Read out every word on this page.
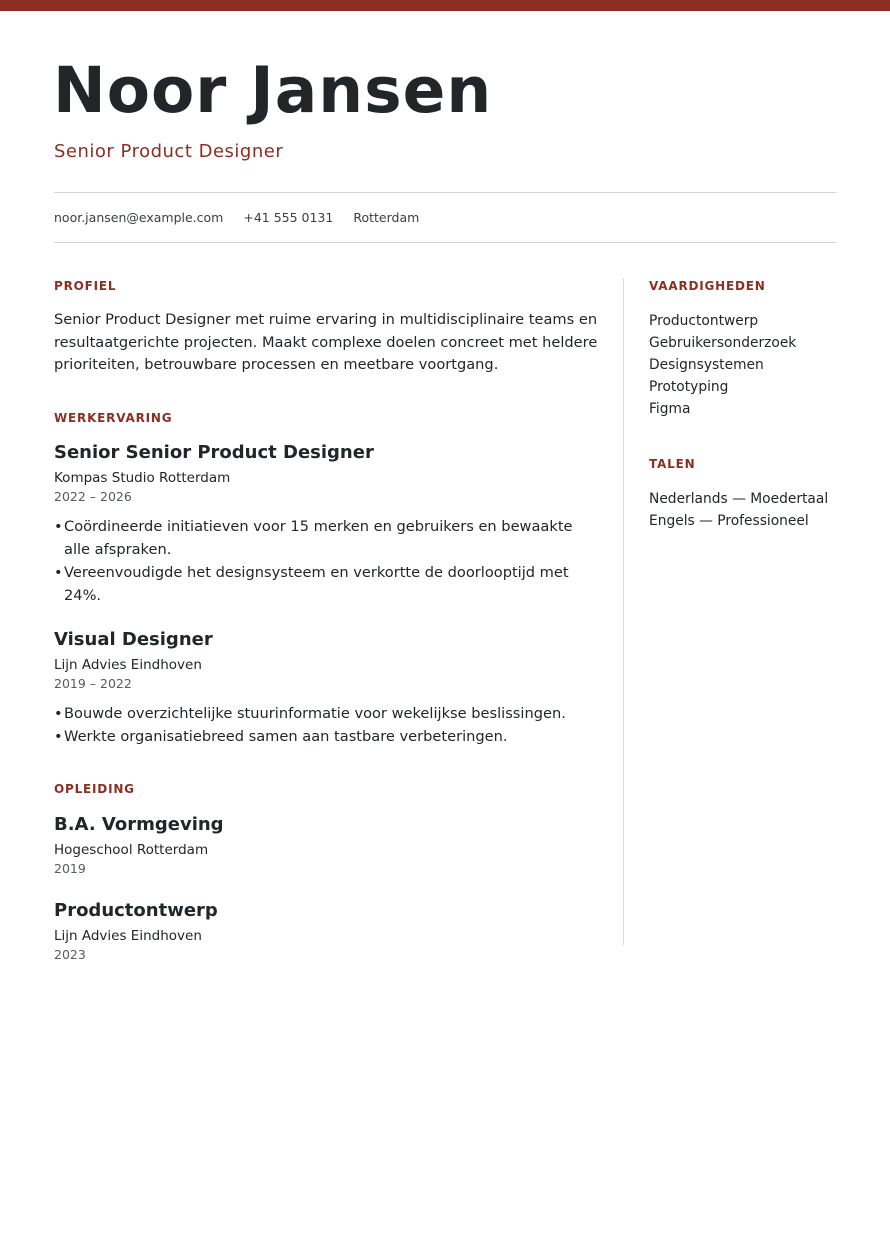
Noor Jansen
Senior Product Designer
noor.jansen@example.com +41 555 0131 Rotterdam
PROFIEL

Senior Product Designer met ruime ervaring in multidisciplinaire teams en resultaatgerichte projecten. Maakt complexe doelen concreet met heldere prioriteiten, betrouwbare processen en meetbare voortgang.

WERKERVARING
Senior Senior Product Designer
Kompas Studio Rotterdam
2022 – 2026
•Coördineerde initiatieven voor 15 merken en gebruikers en bewaakte alle afspraken.
•Vereenvoudigde het designsysteem en verkortte de doorlooptijd met 24%.
Visual Designer
Lijn Advies Eindhoven
2019 – 2022
•Bouwde overzichtelijke stuurinformatie voor wekelijkse beslissingen.
•Werkte organisatiebreed samen aan tastbare verbeteringen.
OPLEIDING
B.A. Vormgeving
Hogeschool Rotterdam
2019
Productontwerp
Lijn Advies Eindhoven
2023
VAARDIGHEDEN
Productontwerp
Gebruikersonderzoek
Designsystemen
Prototyping
Figma
TALEN
Nederlands — Moedertaal
Engels — Professioneel
